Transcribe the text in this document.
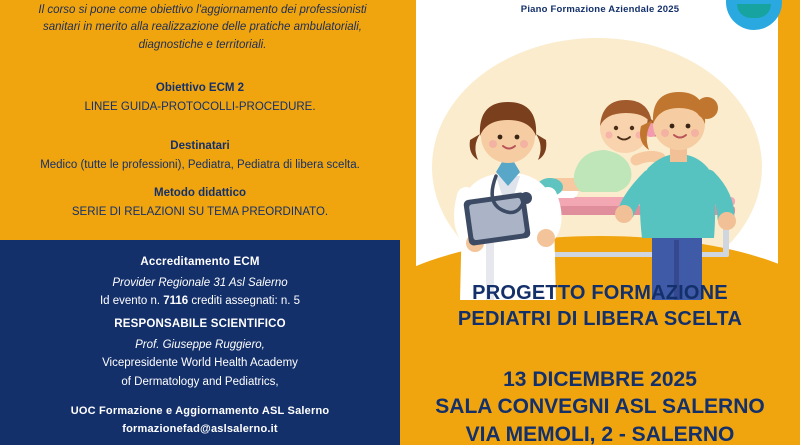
Il corso si pone come obiettivo l'aggiornamento dei professionisti sanitari in merito alla realizzazione delle pratiche ambulatoriali, diagnostiche e territoriali.
Obiettivo ECM 2
LINEE GUIDA-PROTOCOLLI-PROCEDURE.
Destinatari
Medico (tutte le professioni), Pediatra, Pediatra di libera scelta.
Metodo didattico
SERIE DI RELAZIONI SU TEMA PREORDINATO.
Accreditamento ECM
Provider Regionale 31 Asl Salerno
Id evento n. 7116 crediti assegnati: n. 5
RESPONSABILE SCIENTIFICO
Prof. Giuseppe Ruggiero,
Vicepresidente World Health Academy
of Dermatology and Pediatrics,
UOC Formazione e Aggiornamento ASL Salerno
formazionefad@aslsalerno.it
Piano Formazione Aziendale 2025
PROGETTO FORMAZIONE
PEDIATRI DI LIBERA SCELTA
13 DICEMBRE 2025
SALA CONVEGNI ASL SALERNO
VIA MEMOLI, 2 - SALERNO
